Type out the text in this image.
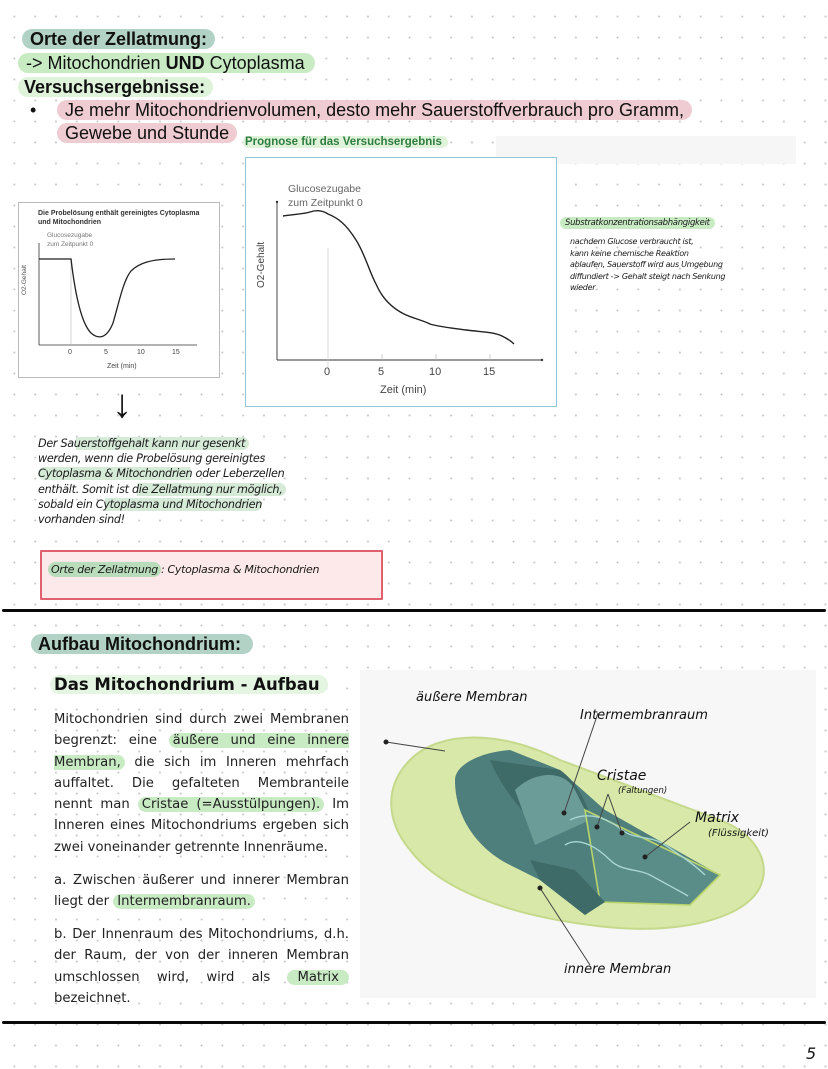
Orte der Zellatmung:
-> Mitochondrien UND Cytoplasma
Versuchsergebnisse:
•	Je mehr Mitochondrienvolumen, desto mehr Sauerstoffverbrauch pro Gramm,
Gewebe und Stunde
Die Probelösung enthält gereinigtes Cytoplasma und Mitochondrien
Glucosezugabe
zum Zeitpunkt 0
O2-Gehalt
0	5	10	15
Zeit (min)
Prognose für das Versuchsergebnis
Glucosezugabe
zum Zeitpunkt 0
O2-Gehalt
0	5	10	15
Zeit (min)
Substratkonzentrationsabhängigkeit
nachdem Glucose verbraucht ist,
kann keine chemische Reaktion
ablaufen, Sauerstoff wird aus Umgebung
diffundiert -> Gehalt steigt nach Senkung
wieder
↓
Der Sauerstoffgehalt kann nur gesenkt
werden, wenn die Probelösung gereinigtes
Cytoplasma & Mitochondrien oder Leberzellen
enthält. Somit ist die Zellatmung nur möglich,
sobald ein Cytoplasma und Mitochondrien
vorhanden sind!
Orte der Zellatmung : Cytoplasma & Mitochondrien
Aufbau Mitochondrium:
Das Mitochondrium - Aufbau
Mitochondrien sind durch zwei Membranen begrenzt: eine äußere und eine innere Membran, die sich im Inneren mehrfach auffaltet. Die gefalteten Membranteile nennt man Cristae (=Ausstülpungen). Im Inneren eines Mitochondriums ergeben sich zwei voneinander getrennte Innenräume.
a. Zwischen äußerer und innerer Membran liegt der Intermembranraum.
b. Der Innenraum des Mitochondriums, d.h. der Raum, der von der inneren Membran umschlossen wird, wird als Matrix bezeichnet.
äußere Membran
Intermembranraum
Cristae
(Faltungen)
Matrix
(Flüssigkeit)
innere Membran
5
